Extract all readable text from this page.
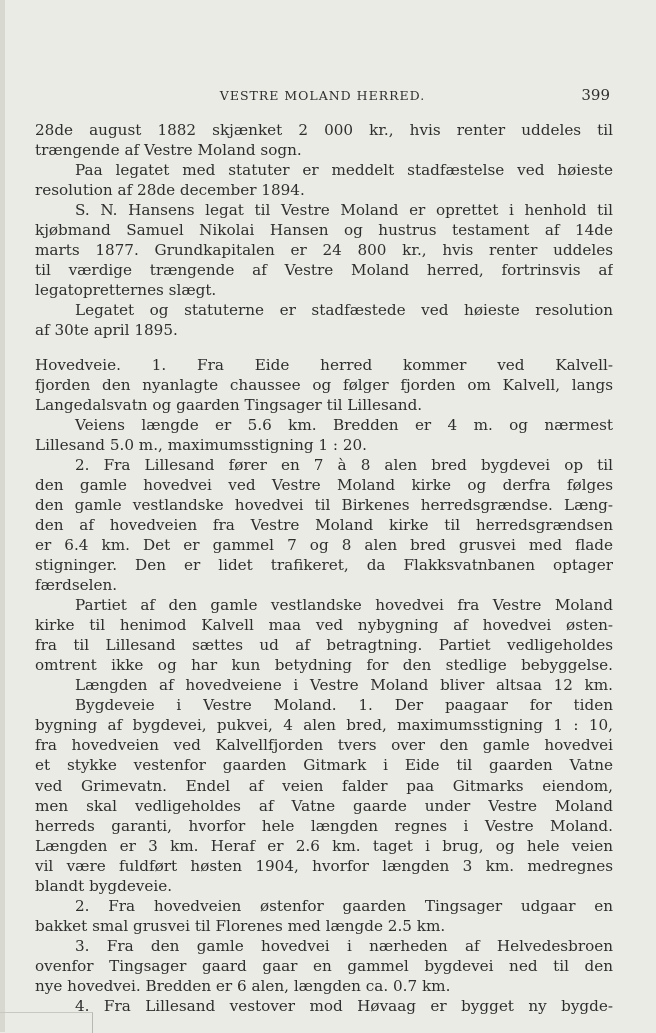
VESTRE MOLAND HERRED.	399
28de august 1882 skjænket 2 000 kr., hvis renter uddeles til
trængende af Vestre Moland sogn.
Paa legatet med statuter er meddelt stadfæstelse ved høieste
resolution af 28de december 1894.
S. N. Hansens legat til Vestre Moland er oprettet i henhold til
kjøbmand Samuel Nikolai Hansen og hustrus testament af 14de
marts 1877. Grundkapitalen er 24 800 kr., hvis renter uddeles
til værdige trængende af Vestre Moland herred, fortrinsvis af
legatopretternes slægt.
Legatet og statuterne er stadfæstede ved høieste resolution
af 30te april 1895.
Hovedveie. 1. Fra Eide herred kommer ved Kalvell-
fjorden den nyanlagte chaussee og følger fjorden om Kalvell, langs
Langedalsvatn og gaarden Tingsager til Lillesand.
Veiens længde er 5.6 km. Bredden er 4 m. og nærmest
Lillesand 5.0 m., maximumsstigning 1 : 20.
2. Fra Lillesand fører en 7 à 8 alen bred bygdevei op til
den gamle hovedvei ved Vestre Moland kirke og derfra følges
den gamle vestlandske hovedvei til Birkenes herredsgrændse. Læng-
den af hovedveien fra Vestre Moland kirke til herredsgrændsen
er 6.4 km. Det er gammel 7 og 8 alen bred grusvei med flade
stigninger. Den er lidet trafikeret, da Flakksvatnbanen optager
færdselen.
Partiet af den gamle vestlandske hovedvei fra Vestre Moland
kirke til henimod Kalvell maa ved nybygning af hovedvei østen-
fra til Lillesand sættes ud af betragtning. Partiet vedligeholdes
omtrent ikke og har kun betydning for den stedlige bebyggelse.
Længden af hovedveiene i Vestre Moland bliver altsaa 12 km.
Bygdeveie i Vestre Moland. 1. Der paagaar for tiden
bygning af bygdevei, pukvei, 4 alen bred, maximumsstigning 1 : 10,
fra hovedveien ved Kalvellfjorden tvers over den gamle hovedvei
et stykke vestenfor gaarden Gitmark i Eide til gaarden Vatne
ved Grimevatn. Endel af veien falder paa Gitmarks eiendom,
men skal vedligeholdes af Vatne gaarde under Vestre Moland
herreds garanti, hvorfor hele længden regnes i Vestre Moland.
Længden er 3 km. Heraf er 2.6 km. taget i brug, og hele veien
vil være fuldført høsten 1904, hvorfor længden 3 km. medregnes
blandt bygdeveie.
2. Fra hovedveien østenfor gaarden Tingsager udgaar en
bakket smal grusvei til Florenes med længde 2.5 km.
3. Fra den gamle hovedvei i nærheden af Helvedesbroen
ovenfor Tingsager gaard gaar en gammel bygdevei ned til den
nye hovedvei. Bredden er 6 alen, længden ca. 0.7 km.
4. Fra Lillesand vestover mod Høvaag er bygget ny bygde-
